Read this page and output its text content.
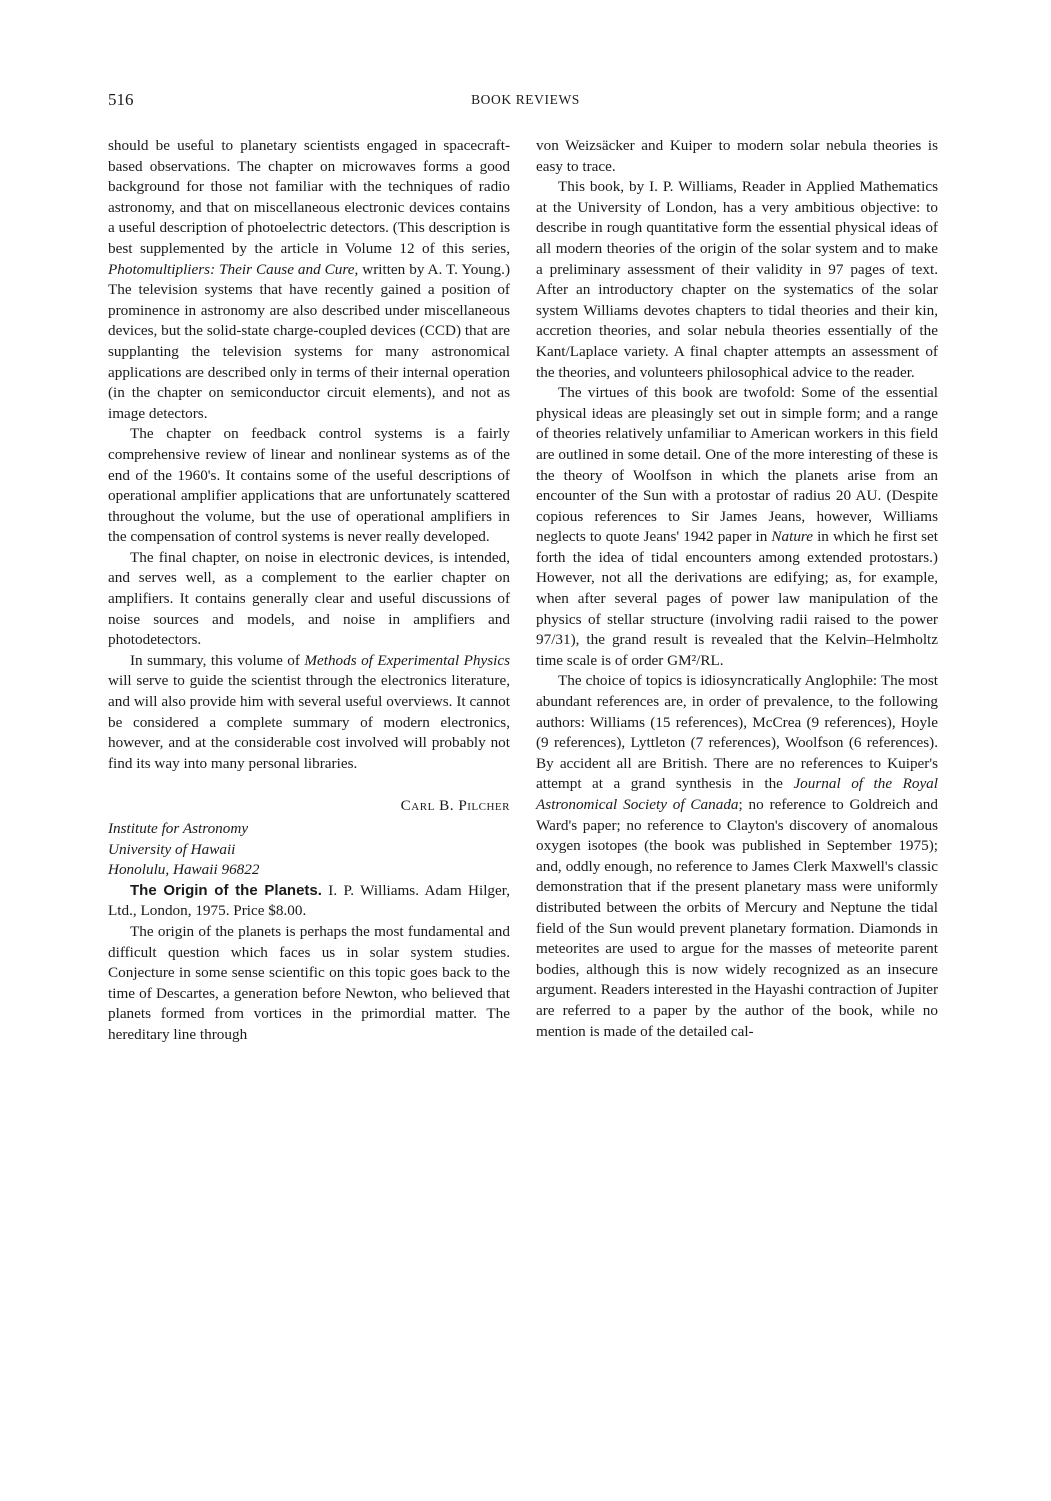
516	BOOK REVIEWS

should be useful to planetary scientists engaged in spacecraft-based observations. The chapter on microwaves forms a good background for those not familiar with the techniques of radio astronomy, and that on miscellaneous electronic devices contains a useful description of photoelectric detectors. (This description is best supplemented by the article in Volume 12 of this series, Photomultipliers: Their Cause and Cure, written by A. T. Young.) The television systems that have recently gained a position of prominence in astronomy are also described under miscellaneous devices, but the solid-state charge-coupled devices (CCD) that are supplanting the television systems for many astronomical applications are described only in terms of their internal operation (in the chapter on semiconductor circuit elements), and not as image detectors.

The chapter on feedback control systems is a fairly comprehensive review of linear and nonlinear systems as of the end of the 1960's. It contains some of the useful descriptions of operational amplifier applications that are unfortunately scattered throughout the volume, but the use of operational amplifiers in the compensation of control systems is never really developed.

The final chapter, on noise in electronic devices, is intended, and serves well, as a complement to the earlier chapter on amplifiers. It contains generally clear and useful discussions of noise sources and models, and noise in amplifiers and photodetectors.

In summary, this volume of Methods of Experimental Physics will serve to guide the scientist through the electronics literature, and will also provide him with several useful overviews. It cannot be considered a complete summary of modern electronics, however, and at the considerable cost involved will probably not find its way into many personal libraries.

Carl B. Pilcher
Institute for Astronomy
University of Hawaii
Honolulu, Hawaii 96822

The Origin of the Planets. I. P. Williams. Adam Hilger, Ltd., London, 1975. Price $8.00.

The origin of the planets is perhaps the most fundamental and difficult question which faces us in solar system studies. Conjecture in some sense scientific on this topic goes back to the time of Descartes, a generation before Newton, who believed that planets formed from vortices in the primordial matter. The hereditary line through

von Weizsäcker and Kuiper to modern solar nebula theories is easy to trace.

This book, by I. P. Williams, Reader in Applied Mathematics at the University of London, has a very ambitious objective: to describe in rough quantitative form the essential physical ideas of all modern theories of the origin of the solar system and to make a preliminary assessment of their validity in 97 pages of text. After an introductory chapter on the systematics of the solar system Williams devotes chapters to tidal theories and their kin, accretion theories, and solar nebula theories essentially of the Kant/Laplace variety. A final chapter attempts an assessment of the theories, and volunteers philosophical advice to the reader.

The virtues of this book are twofold: Some of the essential physical ideas are pleasingly set out in simple form; and a range of theories relatively unfamiliar to American workers in this field are outlined in some detail. One of the more interesting of these is the theory of Woolfson in which the planets arise from an encounter of the Sun with a protostar of radius 20 AU. (Despite copious references to Sir James Jeans, however, Williams neglects to quote Jeans' 1942 paper in Nature in which he first set forth the idea of tidal encounters among extended protostars.) However, not all the derivations are edifying; as, for example, when after several pages of power law manipulation of the physics of stellar structure (involving radii raised to the power 97/31), the grand result is revealed that the Kelvin–Helmholtz time scale is of order GM²/RL.

The choice of topics is idiosyncratically Anglophile: The most abundant references are, in order of prevalence, to the following authors: Williams (15 references), McCrea (9 references), Hoyle (9 references), Lyttleton (7 references), Woolfson (6 references). By accident all are British. There are no references to Kuiper's attempt at a grand synthesis in the Journal of the Royal Astronomical Society of Canada; no reference to Goldreich and Ward's paper; no reference to Clayton's discovery of anomalous oxygen isotopes (the book was published in September 1975); and, oddly enough, no reference to James Clerk Maxwell's classic demonstration that if the present planetary mass were uniformly distributed between the orbits of Mercury and Neptune the tidal field of the Sun would prevent planetary formation. Diamonds in meteorites are used to argue for the masses of meteorite parent bodies, although this is now widely recognized as an insecure argument. Readers interested in the Hayashi contraction of Jupiter are referred to a paper by the author of the book, while no mention is made of the detailed cal-
